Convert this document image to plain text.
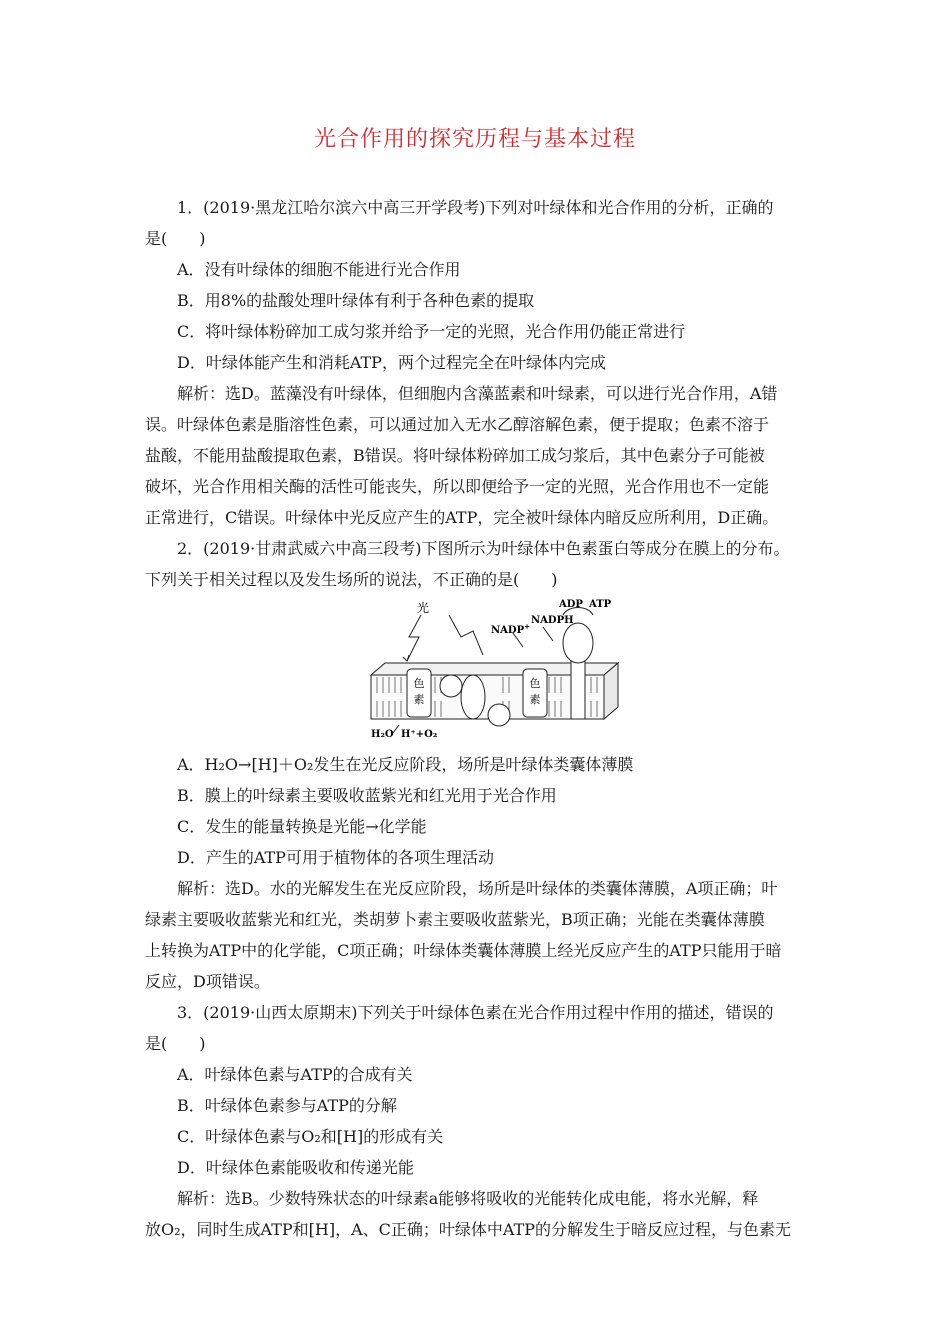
光合作用的探究历程与基本过程

1．(2019·黑龙江哈尔滨六中高三开学段考)下列对叶绿体和光合作用的分析，正确的

是(　　)

A．没有叶绿体的细胞不能进行光合作用

B．用8%的盐酸处理叶绿体有利于各种色素的提取

C．将叶绿体粉碎加工成匀浆并给予一定的光照，光合作用仍能正常进行

D．叶绿体能产生和消耗ATP，两个过程完全在叶绿体内完成

解析：选D。蓝藻没有叶绿体，但细胞内含藻蓝素和叶绿素，可以进行光合作用，A错

误。叶绿体色素是脂溶性色素，可以通过加入无水乙醇溶解色素，便于提取；色素不溶于

盐酸，不能用盐酸提取色素，B错误。将叶绿体粉碎加工成匀浆后，其中色素分子可能被

破坏，光合作用相关酶的活性可能丧失，所以即便给予一定的光照，光合作用也不一定能

正常进行，C错误。叶绿体中光反应产生的ATP，完全被叶绿体内暗反应所利用，D正确。

2．(2019·甘肃武威六中高三段考)下图所示为叶绿体中色素蛋白等成分在膜上的分布。

下列关于相关过程以及发生场所的说法，不正确的是(　　)

色
素
色
素
光
NADP+
NADPH
ADP ATP
H₂O H⁺+O₂

A．H₂O→[H]＋O₂发生在光反应阶段，场所是叶绿体类囊体薄膜

B．膜上的叶绿素主要吸收蓝紫光和红光用于光合作用

C．发生的能量转换是光能→化学能

D．产生的ATP可用于植物体的各项生理活动

解析：选D。水的光解发生在光反应阶段，场所是叶绿体的类囊体薄膜，A项正确；叶

绿素主要吸收蓝紫光和红光，类胡萝卜素主要吸收蓝紫光，B项正确；光能在类囊体薄膜

上转换为ATP中的化学能，C项正确；叶绿体类囊体薄膜上经光反应产生的ATP只能用于暗

反应，D项错误。

3．(2019·山西太原期末)下列关于叶绿体色素在光合作用过程中作用的描述，错误的

是(　　)

A．叶绿体色素与ATP的合成有关

B．叶绿体色素参与ATP的分解

C．叶绿体色素与O₂和[H]的形成有关

D．叶绿体色素能吸收和传递光能

解析：选B。少数特殊状态的叶绿素a能够将吸收的光能转化成电能，将水光解，释

放O₂，同时生成ATP和[H]，A、C正确；叶绿体中ATP的分解发生于暗反应过程，与色素无
